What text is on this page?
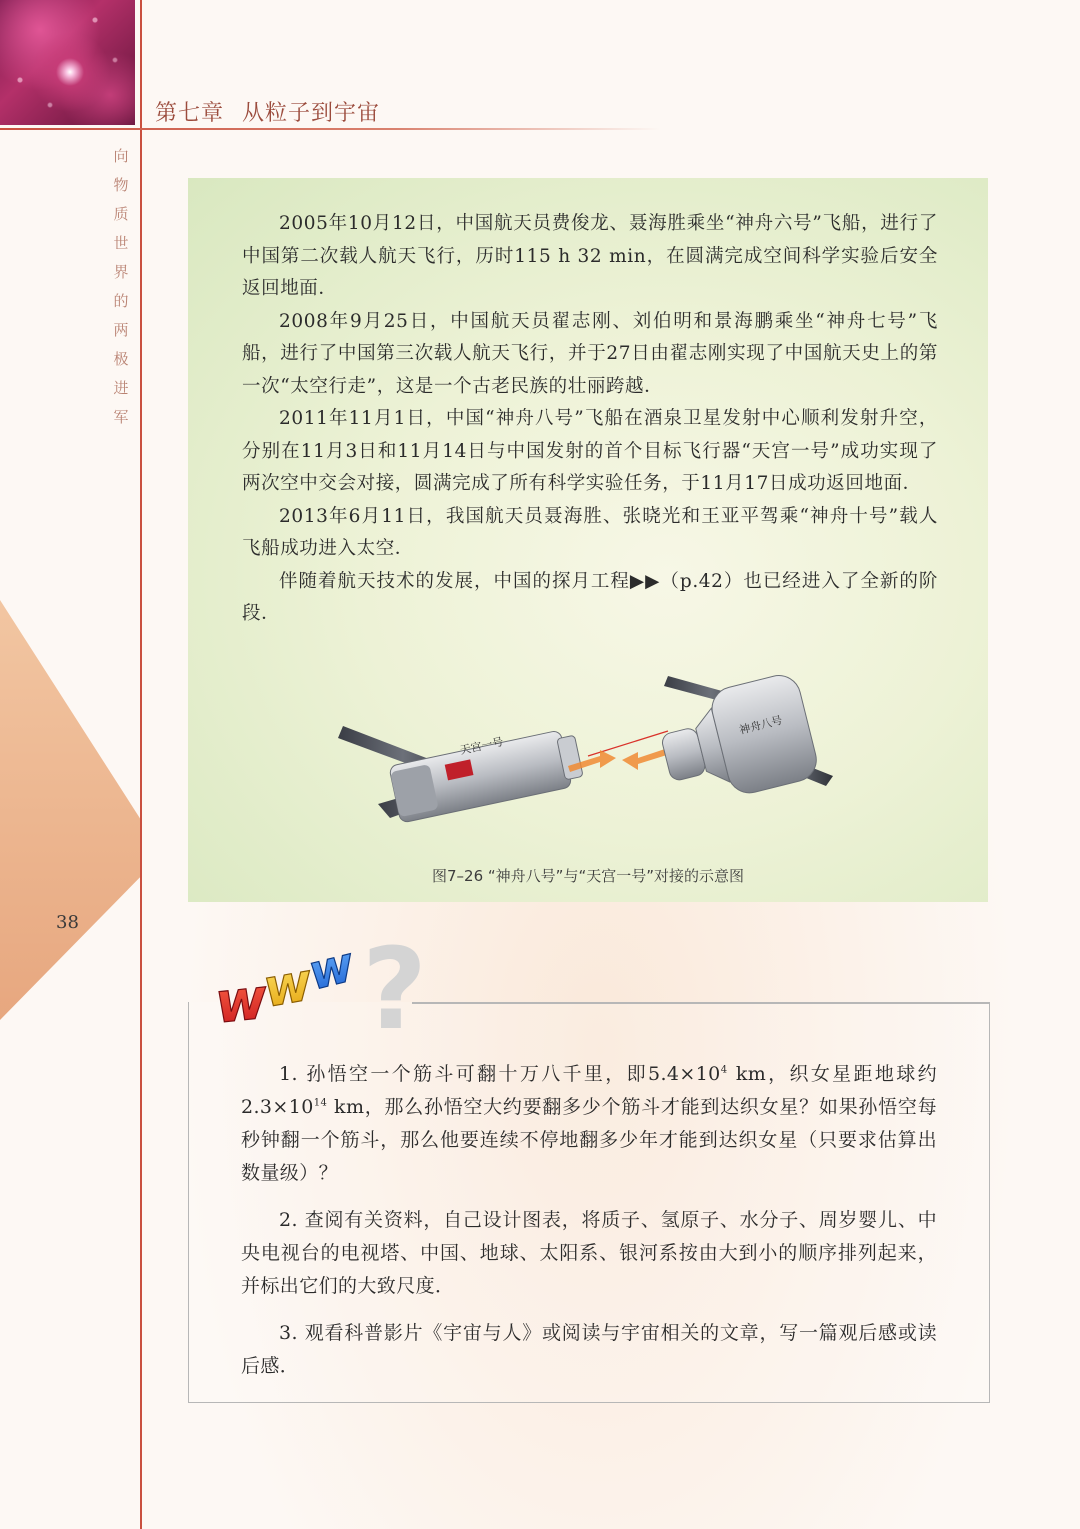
第七章 从粒子到宇宙
向
物
质
世
界
的
两
极
进
军
38

2005年10月12日，中国航天员费俊龙、聂海胜乘坐“神舟六号”飞船，进行了中国第二次载人航天飞行，历时115 h 32 min，在圆满完成空间科学实验后安全返回地面．

2008年9月25日，中国航天员翟志刚、刘伯明和景海鹏乘坐“神舟七号”飞船，进行了中国第三次载人航天飞行，并于27日由翟志刚实现了中国航天史上的第一次“太空行走”，这是一个古老民族的壮丽跨越．

2011年11月1日，中国“神舟八号”飞船在酒泉卫星发射中心顺利发射升空，分别在11月3日和11月14日与中国发射的首个目标飞行器“天宫一号”成功实现了两次空中交会对接，圆满完成了所有科学实验任务，于11月17日成功返回地面．

2013年6月11日，我国航天员聂海胜、张晓光和王亚平驾乘“神舟十号”载人飞船成功进入太空．

伴随着航天技术的发展，中国的探月工程▶▶（p.42）也已经进入了全新的阶段．

天宫一号
神舟八号
图7–26 “神舟八号”与“天宫一号”对接的示意图

1. 孙悟空一个筋斗可翻十万八千里，即$5.4\times 10^4$ km，织女星距地球约$2.3\times 10^{14}$ km，那么孙悟空大约要翻多少个筋斗才能到达织女星？如果孙悟空每秒钟翻一个筋斗，那么他要连续不停地翻多少年才能到达织女星（只要求估算出数量级）？

2. 查阅有关资料，自己设计图表，将质子、氢原子、水分子、周岁婴儿、中央电视台的电视塔、中国、地球、太阳系、银河系按由大到小的顺序排列起来，并标出它们的大致尺度．

3. 观看科普影片《宇宙与人》或阅读与宇宙相关的文章，写一篇观后感或读后感．

?
w
w
w
